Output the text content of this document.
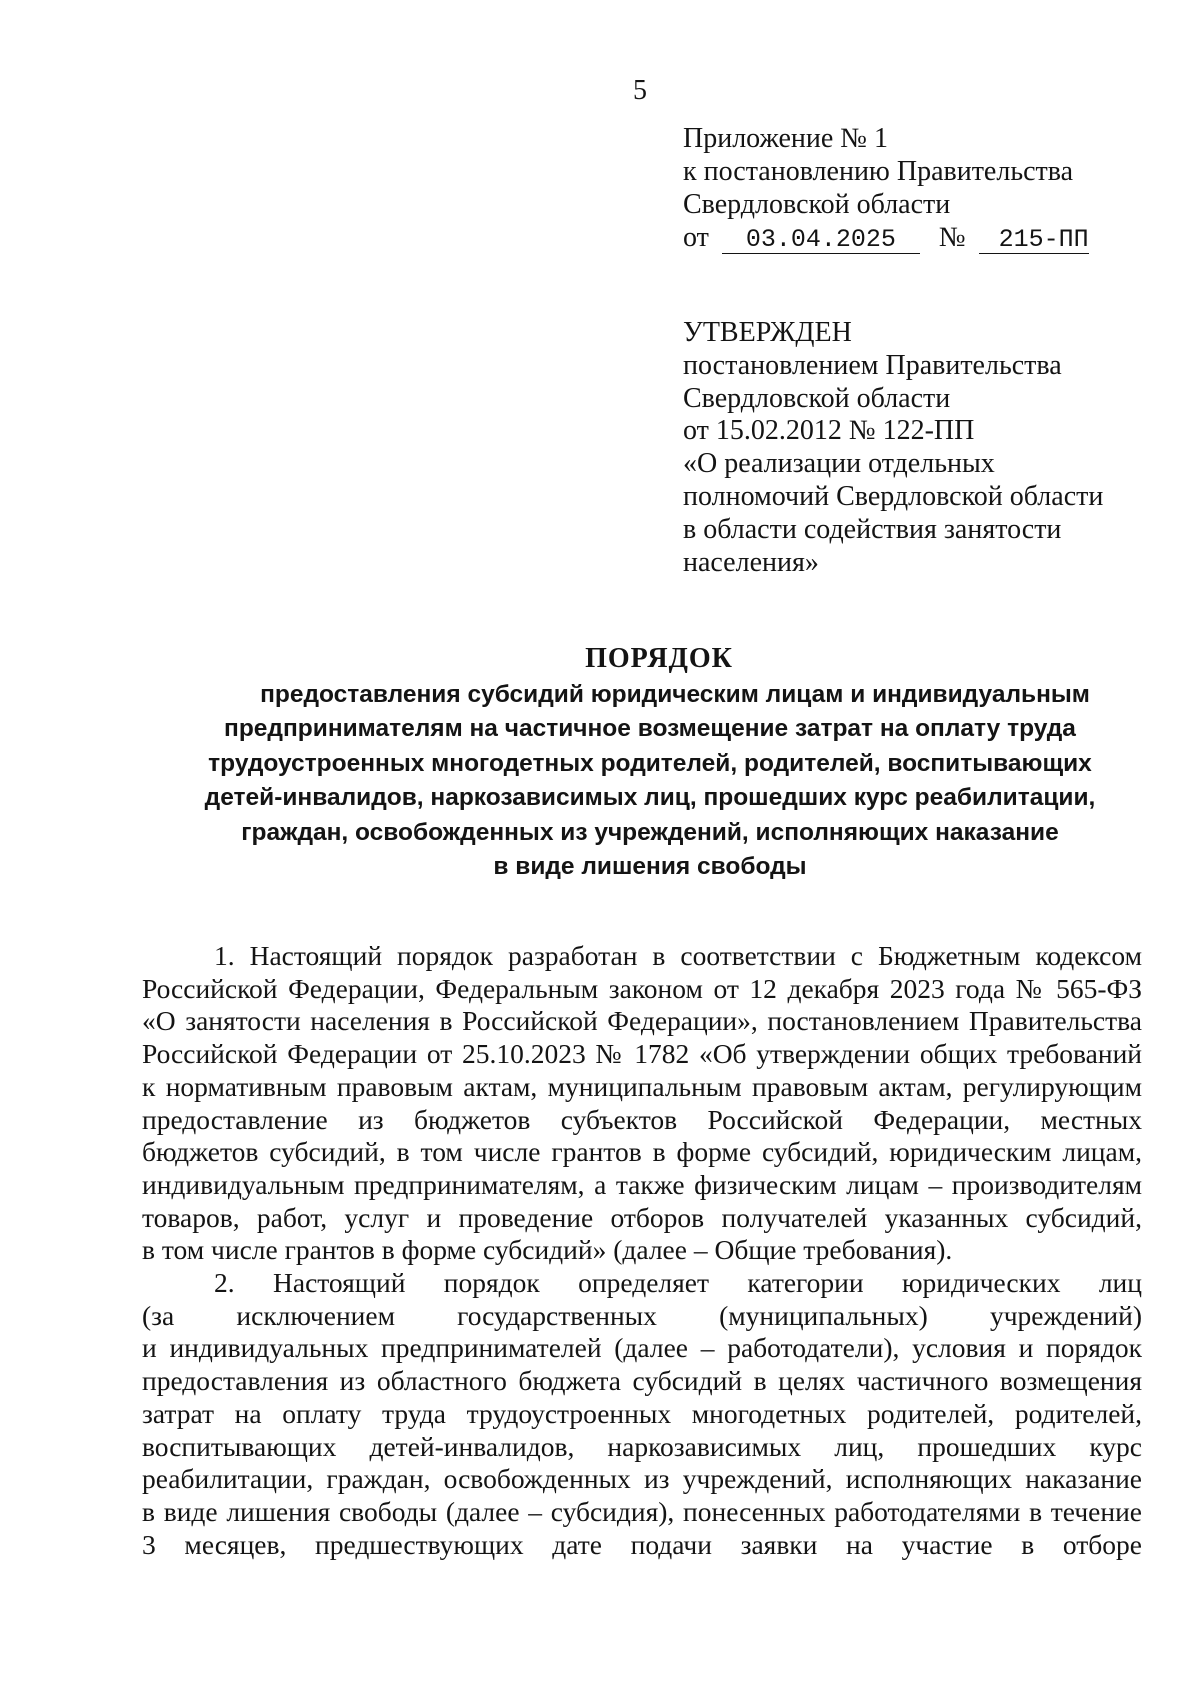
5
Приложение № 1
к постановлению Правительства
Свердловской области
от 03.04.2025 № 215-ПП
УТВЕРЖДЕН
постановлением Правительства
Свердловской области
от 15.02.2012 № 122-ПП
«О реализации отдельных
полномочий Свердловской области
в области содействия занятости
населения»
ПОРЯДОК
предоставления субсидий юридическим лицам и индивидуальным
предпринимателям на частичное возмещение затрат на оплату труда
трудоустроенных многодетных родителей, родителей, воспитывающих
детей-инвалидов, наркозависимых лиц, прошедших курс реабилитации,
граждан, освобожденных из учреждений, исполняющих наказание
в виде лишения свободы
1. Настоящий порядок разработан в соответствии с Бюджетным кодексом
Российской Федерации, Федеральным законом от 12 декабря 2023 года № 565-ФЗ
«О занятости населения в Российской Федерации», постановлением Правительства
Российской Федерации от 25.10.2023 № 1782 «Об утверждении общих требований
к нормативным правовым актам, муниципальным правовым актам, регулирующим
предоставление из бюджетов субъектов Российской Федерации, местных
бюджетов субсидий, в том числе грантов в форме субсидий, юридическим лицам,
индивидуальным предпринимателям, а также физическим лицам – производителям
товаров, работ, услуг и проведение отборов получателей указанных субсидий,
в том числе грантов в форме субсидий» (далее – Общие требования).
2. Настоящий порядок определяет категории юридических лиц
(за исключением государственных (муниципальных) учреждений)
и индивидуальных предпринимателей (далее – работодатели), условия и порядок
предоставления из областного бюджета субсидий в целях частичного возмещения
затрат на оплату труда трудоустроенных многодетных родителей, родителей,
воспитывающих детей-инвалидов, наркозависимых лиц, прошедших курс
реабилитации, граждан, освобожденных из учреждений, исполняющих наказание
в виде лишения свободы (далее – субсидия), понесенных работодателями в течение
3 месяцев, предшествующих дате подачи заявки на участие в отборе
